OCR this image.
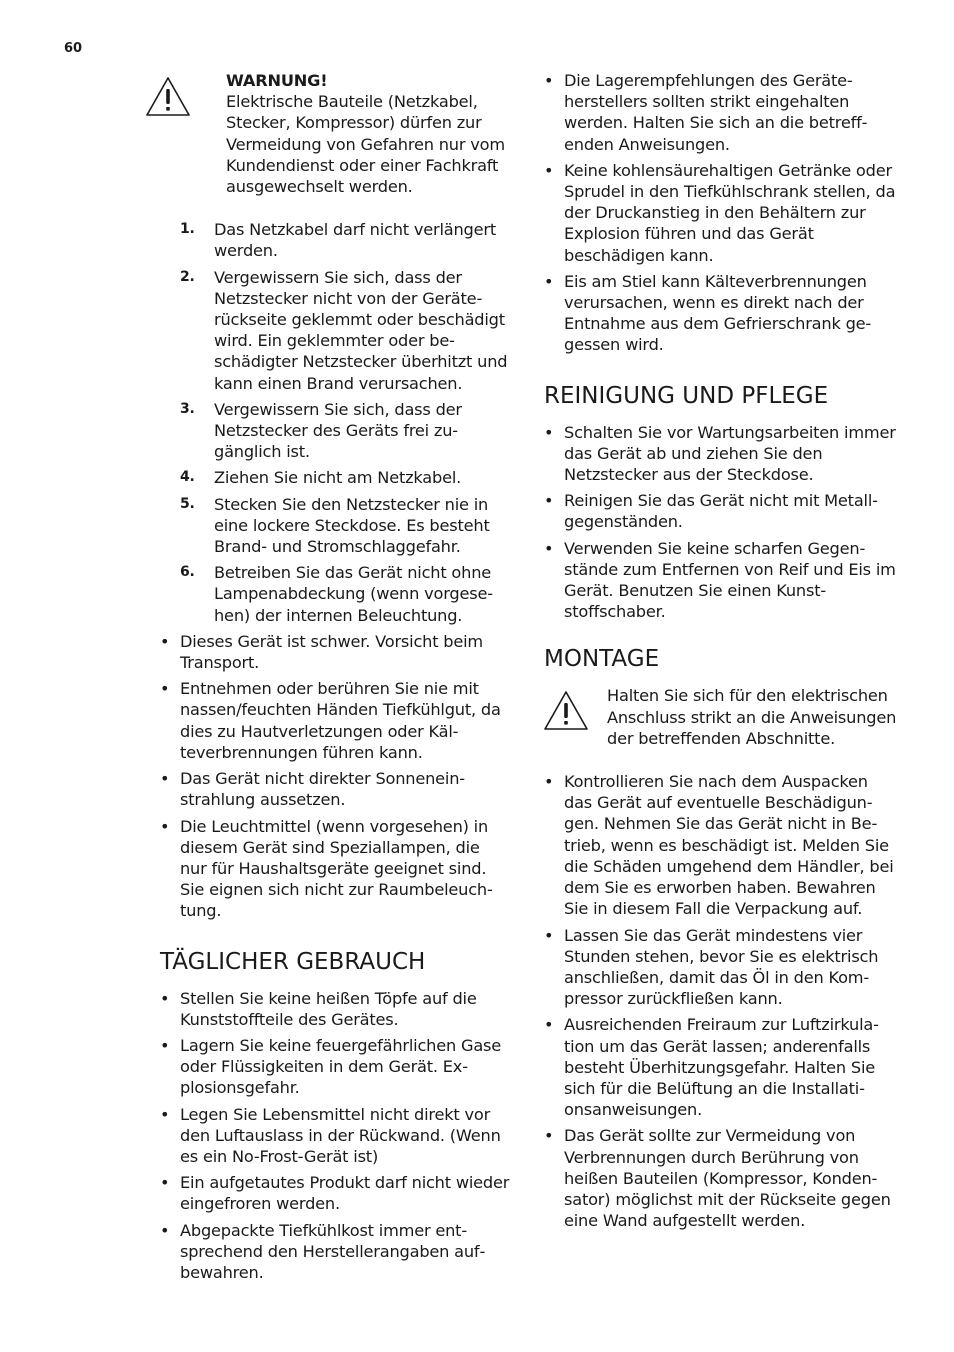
60
WARNUNG!
Elektrische Bauteile (Netzkabel, Stecker, Kompressor) dürfen zur Vermeidung von Gefahren nur vom Kundendienst oder einer Fachkraft ausgewechselt werden.
1.	Das Netzkabel darf nicht verlängert werden.
2.	Vergewissern Sie sich, dass der Netzstecker nicht von der Geräterückseite geklemmt oder beschädigt wird. Ein geklemmter oder beschädigter Netzstecker überhitzt und kann einen Brand verursachen.
3.	Vergewissern Sie sich, dass der Netzstecker des Geräts frei zugänglich ist.
4.	Ziehen Sie nicht am Netzkabel.
5.	Stecken Sie den Netzstecker nie in eine lockere Steckdose. Es besteht Brand- und Stromschlaggefahr.
6.	Betreiben Sie das Gerät nicht ohne Lampenabdeckung (wenn vorgesehen) der internen Beleuchtung.
• Dieses Gerät ist schwer. Vorsicht beim Transport.
• Entnehmen oder berühren Sie nie mit nassen/feuchten Händen Tiefkühlgut, da dies zu Hautverletzungen oder Kälteverbrennungen führen kann.
• Das Gerät nicht direkter Sonneneinstrahlung aussetzen.
• Die Leuchtmittel (wenn vorgesehen) in diesem Gerät sind Speziallampen, die nur für Haushaltsgeräte geeignet sind. Sie eignen sich nicht zur Raumbeleuchtung.
TÄGLICHER GEBRAUCH
• Stellen Sie keine heißen Töpfe auf die Kunststoffteile des Gerätes.
• Lagern Sie keine feuergefährlichen Gase oder Flüssigkeiten in dem Gerät. Explosionsgefahr.
• Legen Sie Lebensmittel nicht direkt vor den Luftauslass in der Rückwand. (Wenn es ein No-Frost-Gerät ist)
• Ein aufgetautes Produkt darf nicht wieder eingefroren werden.
• Abgepackte Tiefkühlkost immer entsprechend den Herstellerangaben aufbewahren.
• Die Lagerempfehlungen des Geräteherstellers sollten strikt eingehalten werden. Halten Sie sich an die betreffenden Anweisungen.
• Keine kohlensäurehaltigen Getränke oder Sprudel in den Tiefkühlschrank stellen, da der Druckanstieg in den Behältern zur Explosion führen und das Gerät beschädigen kann.
• Eis am Stiel kann Kälteverbrennungen verursachen, wenn es direkt nach der Entnahme aus dem Gefrierschrank gegessen wird.
REINIGUNG UND PFLEGE
• Schalten Sie vor Wartungsarbeiten immer das Gerät ab und ziehen Sie den Netzstecker aus der Steckdose.
• Reinigen Sie das Gerät nicht mit Metallgegenständen.
• Verwenden Sie keine scharfen Gegenstände zum Entfernen von Reif und Eis im Gerät. Benutzen Sie einen Kunststoffschaber.
MONTAGE
Halten Sie sich für den elektrischen Anschluss strikt an die Anweisungen der betreffenden Abschnitte.
• Kontrollieren Sie nach dem Auspacken das Gerät auf eventuelle Beschädigungen. Nehmen Sie das Gerät nicht in Betrieb, wenn es beschädigt ist. Melden Sie die Schäden umgehend dem Händler, bei dem Sie es erworben haben. Bewahren Sie in diesem Fall die Verpackung auf.
• Lassen Sie das Gerät mindestens vier Stunden stehen, bevor Sie es elektrisch anschließen, damit das Öl in den Kompressor zurückfließen kann.
• Ausreichenden Freiraum zur Luftzirkulation um das Gerät lassen; anderenfalls besteht Überhitzungsgefahr. Halten Sie sich für die Belüftung an die Installationsanweisungen.
• Das Gerät sollte zur Vermeidung von Verbrennungen durch Berührung von heißen Bauteilen (Kompressor, Kondensator) möglichst mit der Rückseite gegen eine Wand aufgestellt werden.
